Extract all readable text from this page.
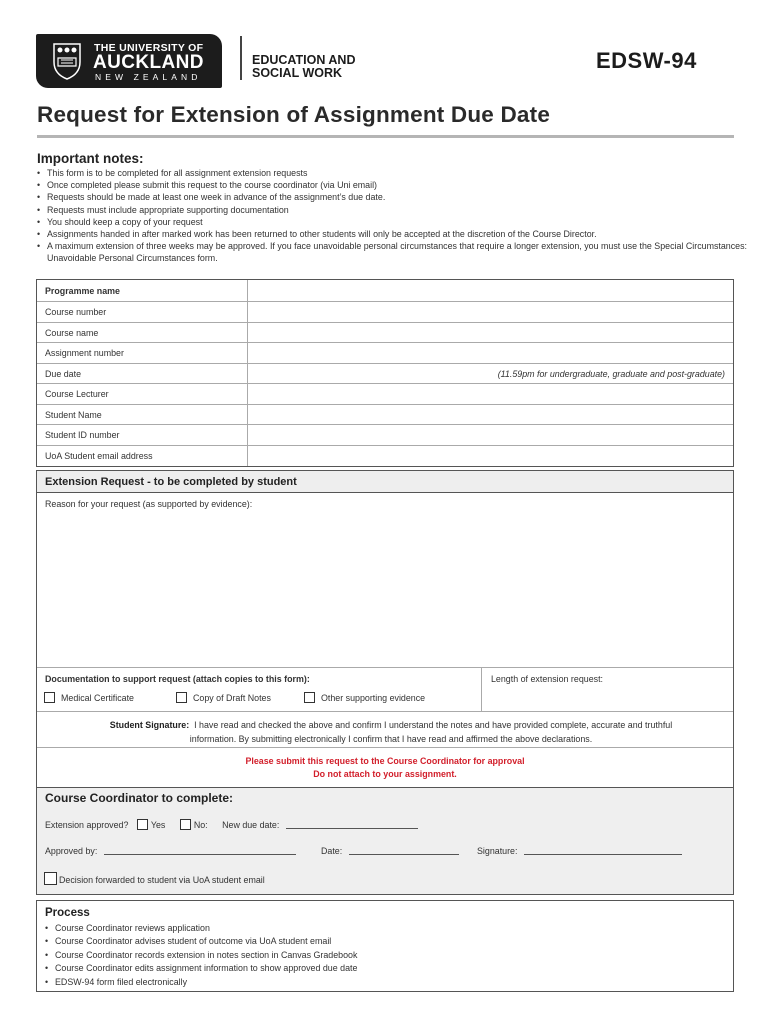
THE UNIVERSITY OF
AUCKLAND
NEW ZEALAND
EDUCATION AND
SOCIAL WORK	EDSW-94
Request for Extension of Assignment Due Date
Important notes:
• This form is to be completed for all assignment extension requests
• Once completed please submit this request to the course coordinator (via Uni email)
• Requests should be made at least one week in advance of the assignment’s due date.
• Requests must include appropriate supporting documentation
• You should keep a copy of your request
• Assignments handed in after marked work has been returned to other students will only be accepted at the discretion of the Course Director.
• A maximum extension of three weeks may be approved. If you face unavoidable personal circumstances that require a longer extension, you must use the Special Circumstances: Unavoidable Personal Circumstances form.
Programme name
Course number
Course name
Assignment number
Due date	(11.59pm for undergraduate, graduate and post-graduate)
Course Lecturer
Student Name
Student ID number
UoA Student email address
Extension Request - to be completed by student
Reason for your request (as supported by evidence):
Documentation to support request (attach copies to this form):	Length of extension request:
Medical Certificate	Copy of Draft Notes	Other supporting evidence
Student Signature: I have read and checked the above and confirm I understand the notes and have provided complete, accurate and truthful
information. By submitting electronically I confirm that I have read and affirmed the above declarations.
Please submit this request to the Course Coordinator for approval
Do not attach to your assignment.
Course Coordinator to complete:
Extension approved?	Yes	No: New due date:
Approved by:	Date:	Signature:
Decision forwarded to student via UoA student email
Process
• Course Coordinator reviews application
• Course Coordinator advises student of outcome via UoA student email
• Course Coordinator records extension in notes section in Canvas Gradebook
• Course Coordinator edits assignment information to show approved due date
• EDSW-94 form filed electronically
